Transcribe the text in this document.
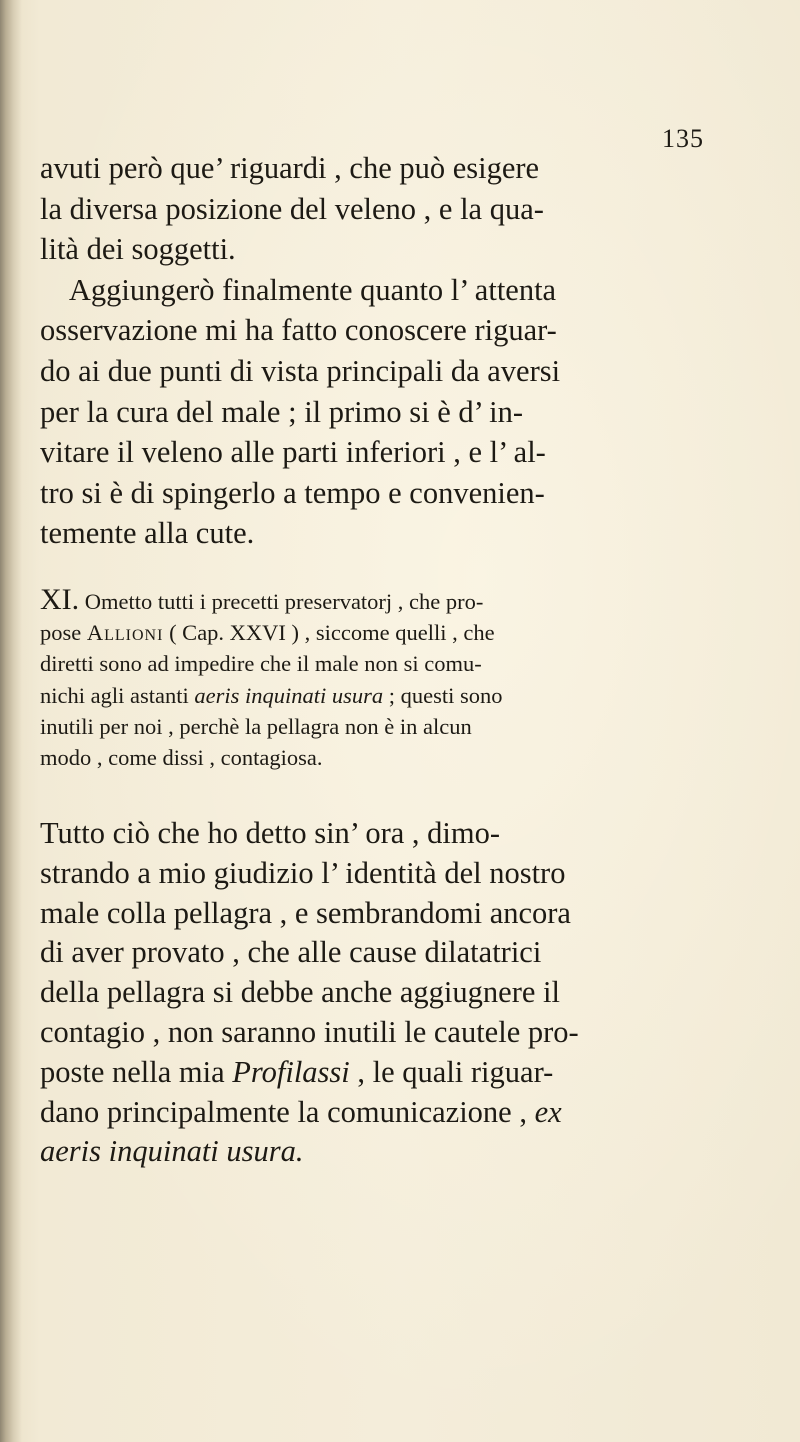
135

avuti però que’ riguardi , che può esigere
la diversa posizione del veleno , e la qua-
lità dei soggetti.
Aggiungerò finalmente quanto l’ attenta
osservazione mi ha fatto conoscere riguar-
do ai due punti di vista principali da aversi
per la cura del male ; il primo si è d’ in-
vitare il veleno alle parti inferiori , e l’ al-
tro si è di spingerlo a tempo e convenien-
temente alla cute.

XI. Ometto tutti i precetti preservatorj , che pro-
pose Allioni ( Cap. XXVI ) , siccome quelli , che
diretti sono ad impedire che il male non si comu-
nichi agli astanti aeris inquinati usura ; questi sono
inutili per noi , perchè la pellagra non è in alcun
modo , come dissi , contagiosa.

Tutto ciò che ho detto sin’ ora , dimo-
strando a mio giudizio l’ identità del nostro
male colla pellagra , e sembrandomi ancora
di aver provato , che alle cause dilatatrici
della pellagra si debbe anche aggiugnere il
contagio , non saranno inutili le cautele pro-
poste nella mia Profilassi , le quali riguar-
dano principalmente la comunicazione , ex
aeris inquinati usura.
